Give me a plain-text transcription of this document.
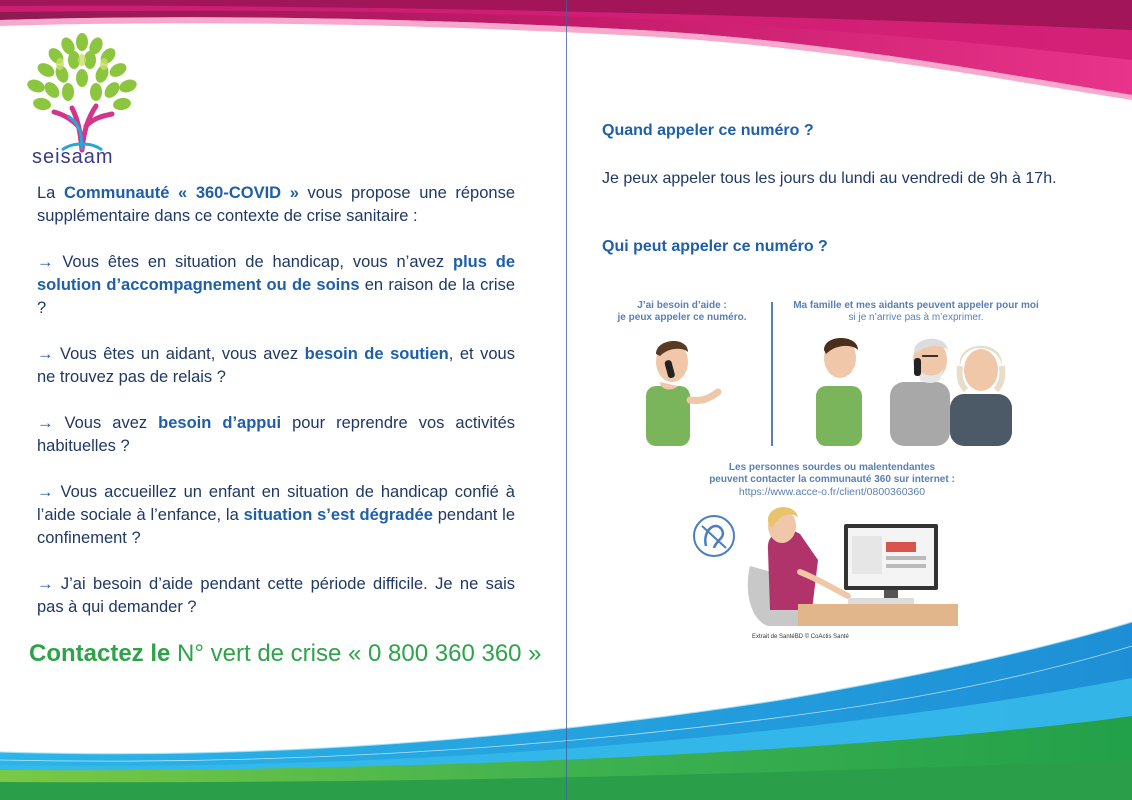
seisaam

La Communauté « 360-COVID » vous propose une réponse supplémentaire dans ce contexte de crise sanitaire :

→ Vous êtes en situation de handicap, vous n’avez plus de solution d’accompagnement ou de soins en raison de la crise ?

→ Vous êtes un aidant, vous avez besoin de soutien, et vous ne trouvez pas de relais ?

→ Vous avez besoin d’appui pour reprendre vos activités habituelles ?

→ Vous accueillez un enfant en situation de handicap confié à l’aide sociale à l’enfance, la situation s’est dégradée pendant le confinement ?

→ J’ai besoin d’aide pendant cette période difficile. Je ne sais pas à qui demander ?

Contactez le N° vert de crise « 0 800 360 360 »
Quand appeler ce numéro ?
Je peux appeler tous les jours du lundi au vendredi de 9h à 17h.
Qui peut appeler ce numéro ?
J’ai besoin d’aide :
je peux appeler ce numéro.
Ma famille et mes aidants peuvent appeler pour moi
si je n’arrive pas à m’exprimer.
Les personnes sourdes ou malentendantes
peuvent contacter la communauté 360 sur internet :
https://www.acce-o.fr/client/0800360360
Extrait de SantéBD © CoActis Santé
